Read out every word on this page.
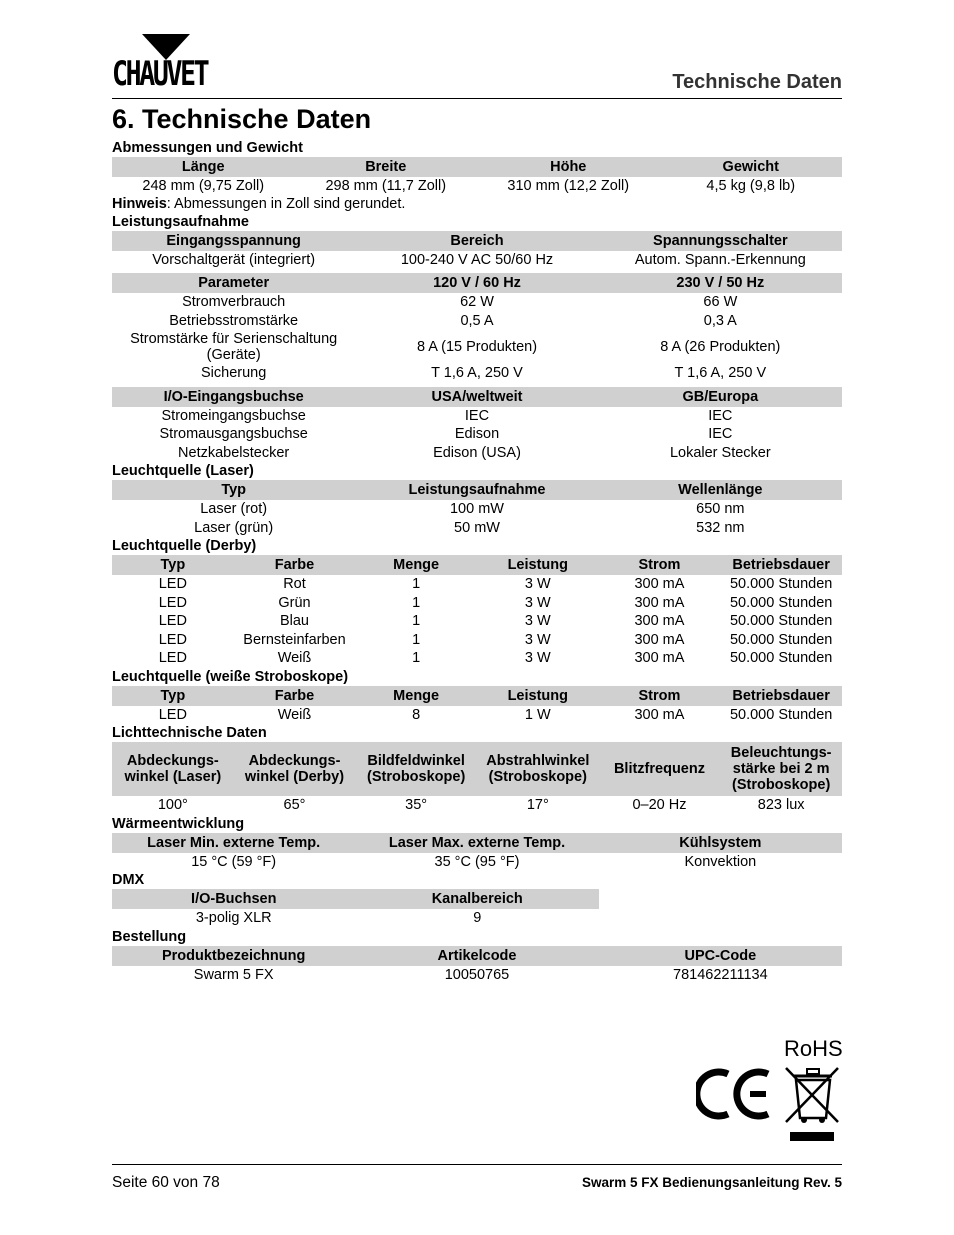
CHAUVET	Technische Daten
6. Technische Daten
Abmessungen und Gewicht
Länge	Breite	Höhe	Gewicht
248 mm (9,75 Zoll)	298 mm (11,7 Zoll)	310 mm (12,2 Zoll)	4,5 kg (9,8 lb)
Hinweis: Abmessungen in Zoll sind gerundet.
Leistungsaufnahme
Eingangsspannung	Bereich	Spannungsschalter
Vorschaltgerät (integriert)	100-240 V AC 50/60 Hz	Autom. Spann.-Erkennung
Parameter	120 V / 60 Hz	230 V / 50 Hz
Stromverbrauch	62 W	66 W
Betriebsstromstärke	0,5 A	0,3 A
Stromstärke für Serienschaltung (Geräte)	8 A (15 Produkten)	8 A (26 Produkten)
Sicherung	T 1,6 A, 250 V	T 1,6 A, 250 V
I/O-Eingangsbuchse	USA/weltweit	GB/Europa
Stromeingangsbuchse	IEC	IEC
Stromausgangsbuchse	Edison	IEC
Netzkabelstecker	Edison (USA)	Lokaler Stecker
Leuchtquelle (Laser)
Typ	Leistungsaufnahme	Wellenlänge
Laser (rot)	100 mW	650 nm
Laser (grün)	50 mW	532 nm
Leuchtquelle (Derby)
Typ	Farbe	Menge	Leistung	Strom	Betriebsdauer
LED	Rot	1	3 W	300 mA	50.000 Stunden
LED	Grün	1	3 W	300 mA	50.000 Stunden
LED	Blau	1	3 W	300 mA	50.000 Stunden
LED	Bernsteinfarben	1	3 W	300 mA	50.000 Stunden
LED	Weiß	1	3 W	300 mA	50.000 Stunden
Leuchtquelle (weiße Stroboskope)
Typ	Farbe	Menge	Leistung	Strom	Betriebsdauer
LED	Weiß	8	1 W	300 mA	50.000 Stunden
Lichttechnische Daten
Abdeckungs-winkel (Laser)	Abdeckungs-winkel (Derby)	Bildfeldwinkel (Stroboskope)	Abstrahlwinkel (Stroboskope)	Blitzfrequenz	Beleuchtungs-stärke bei 2 m (Stroboskope)
100°	65°	35°	17°	0–20 Hz	823 lux
Wärmeentwicklung
Laser Min. externe Temp.	Laser Max. externe Temp.	Kühlsystem
15 °C (59 °F)	35 °C (95 °F)	Konvektion
DMX
I/O-Buchsen	Kanalbereich
3-polig XLR	9
Bestellung
Produktbezeichnung	Artikelcode	UPC-Code
Swarm 5 FX	10050765	781462211134
RoHS
Seite 60 von 78	Swarm 5 FX Bedienungsanleitung Rev. 5
